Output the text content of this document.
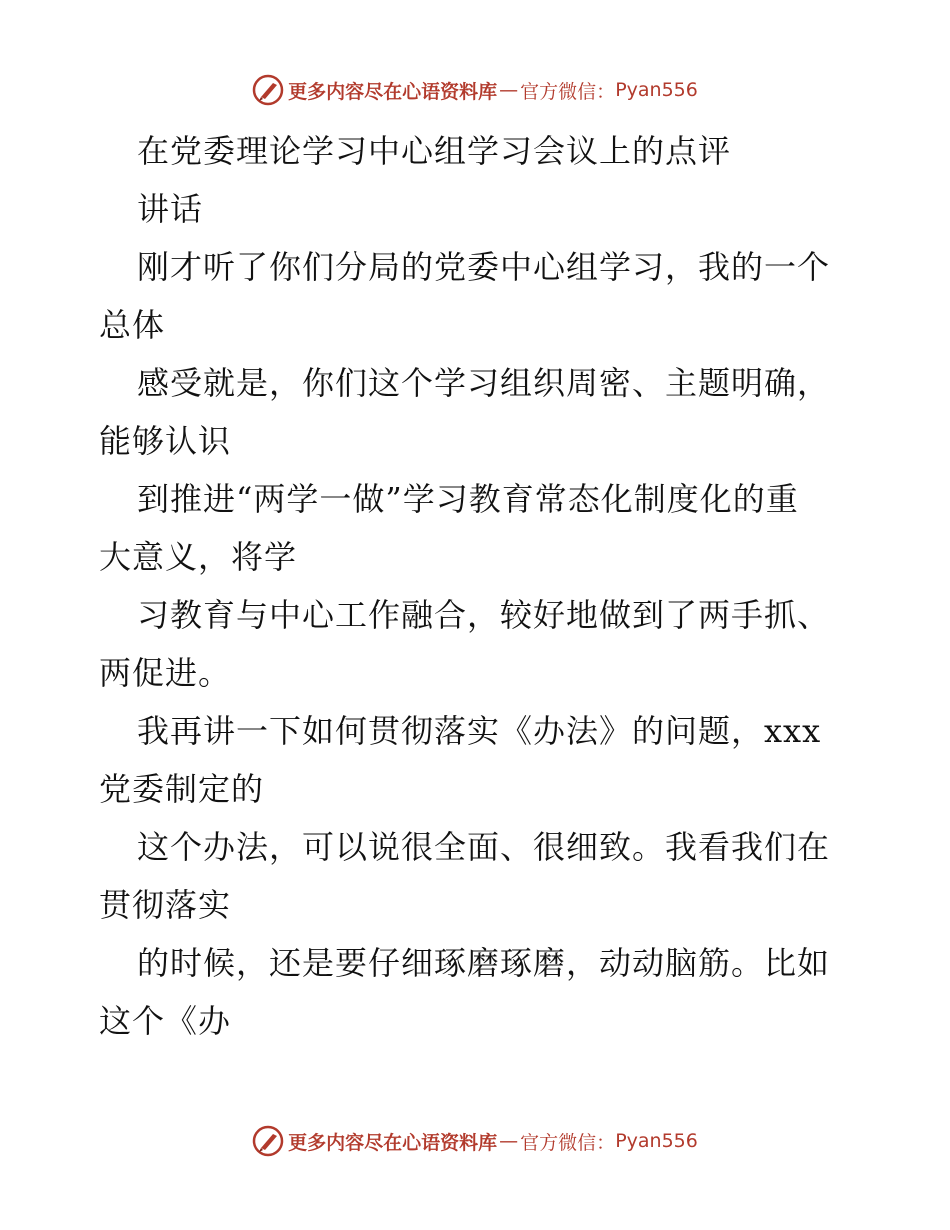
更多内容尽在心语资料库 — 官方微信： Pyan556
在党委理论学习中心组学习会议上的点评
讲话
刚才听了你们分局的党委中心组学习，我的一个
总体
感受就是，你们这个学习组织周密、主题明确，
能够认识
到推进“两学一做”学习教育常态化制度化的重
大意义，将学
习教育与中心工作融合，较好地做到了两手抓、
两促进。
我再讲一下如何贯彻落实《办法》的问题，xxx
党委制定的
这个办法，可以说很全面、很细致。我看我们在
贯彻落实
的时候，还是要仔细琢磨琢磨，动动脑筋。比如
这个《办
更多内容尽在心语资料库 — 官方微信： Pyan556
